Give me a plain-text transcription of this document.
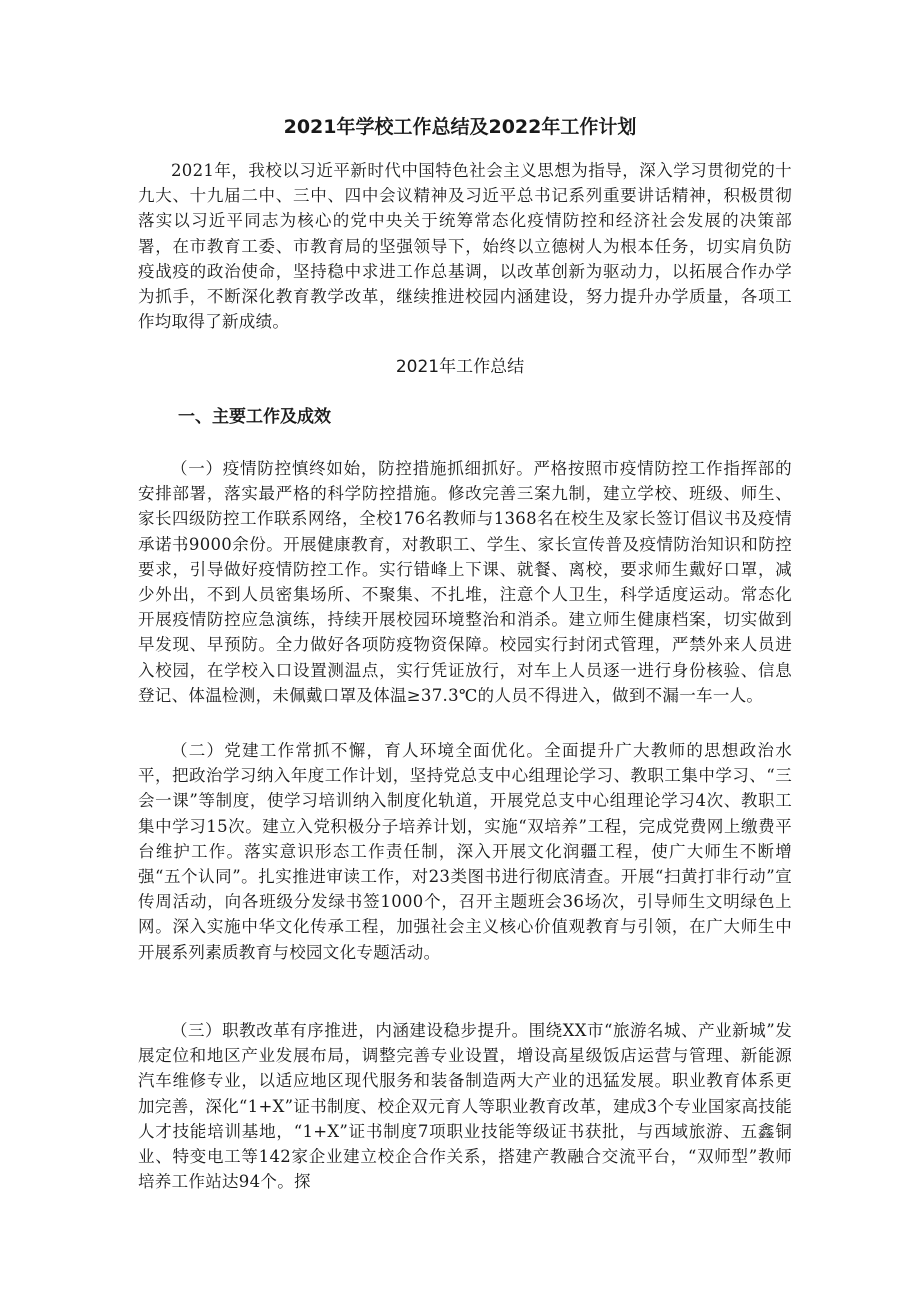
2021年学校工作总结及2022年工作计划

2021年，我校以习近平新时代中国特色社会主义思想为指导，深入学习贯彻党的十九大、十九届二中、三中、四中会议精神及习近平总书记系列重要讲话精神，积极贯彻落实以习近平同志为核心的党中央关于统筹常态化疫情防控和经济社会发展的决策部署，在市教育工委、市教育局的坚强领导下，始终以立德树人为根本任务，切实肩负防疫战疫的政治使命，坚持稳中求进工作总基调，以改革创新为驱动力，以拓展合作办学为抓手，不断深化教育教学改革，继续推进校园内涵建设，努力提升办学质量，各项工作均取得了新成绩。

2021年工作总结
一、主要工作及成效

（一）疫情防控慎终如始，防控措施抓细抓好。严格按照市疫情防控工作指挥部的安排部署，落实最严格的科学防控措施。修改完善三案九制，建立学校、班级、师生、家长四级防控工作联系网络，全校176名教师与1368名在校生及家长签订倡议书及疫情承诺书9000余份。开展健康教育，对教职工、学生、家长宣传普及疫情防治知识和防控要求，引导做好疫情防控工作。实行错峰上下课、就餐、离校，要求师生戴好口罩，减少外出，不到人员密集场所、不聚集、不扎堆，注意个人卫生，科学适度运动。常态化开展疫情防控应急演练，持续开展校园环境整治和消杀。建立师生健康档案，切实做到早发现、早预防。全力做好各项防疫物资保障。校园实行封闭式管理，严禁外来人员进入校园，在学校入口设置测温点，实行凭证放行，对车上人员逐一进行身份核验、信息登记、体温检测，未佩戴口罩及体温≥37.3℃的人员不得进入，做到不漏一车一人。

（二）党建工作常抓不懈，育人环境全面优化。全面提升广大教师的思想政治水平，把政治学习纳入年度工作计划，坚持党总支中心组理论学习、教职工集中学习、“三会一课”等制度，使学习培训纳入制度化轨道，开展党总支中心组理论学习4次、教职工集中学习15次。建立入党积极分子培养计划，实施“双培养”工程，完成党费网上缴费平台维护工作。落实意识形态工作责任制，深入开展文化润疆工程，使广大师生不断增强“五个认同”。扎实推进审读工作，对23类图书进行彻底清查。开展“扫黄打非行动”宣传周活动，向各班级分发绿书签1000个，召开主题班会36场次，引导师生文明绿色上网。深入实施中华文化传承工程，加强社会主义核心价值观教育与引领，在广大师生中开展系列素质教育与校园文化专题活动。

（三）职教改革有序推进，内涵建设稳步提升。围绕XX市“旅游名城、产业新城”发展定位和地区产业发展布局，调整完善专业设置，增设高星级饭店运营与管理、新能源汽车维修专业，以适应地区现代服务和装备制造两大产业的迅猛发展。职业教育体系更加完善，深化“1+X”证书制度、校企双元育人等职业教育改革，建成3个专业国家高技能人才技能培训基地，“1+X”证书制度7项职业技能等级证书获批，与西域旅游、五鑫铜业、特变电工等142家企业建立校企合作关系，搭建产教融合交流平台，“双师型”教师培养工作站达94个。探
